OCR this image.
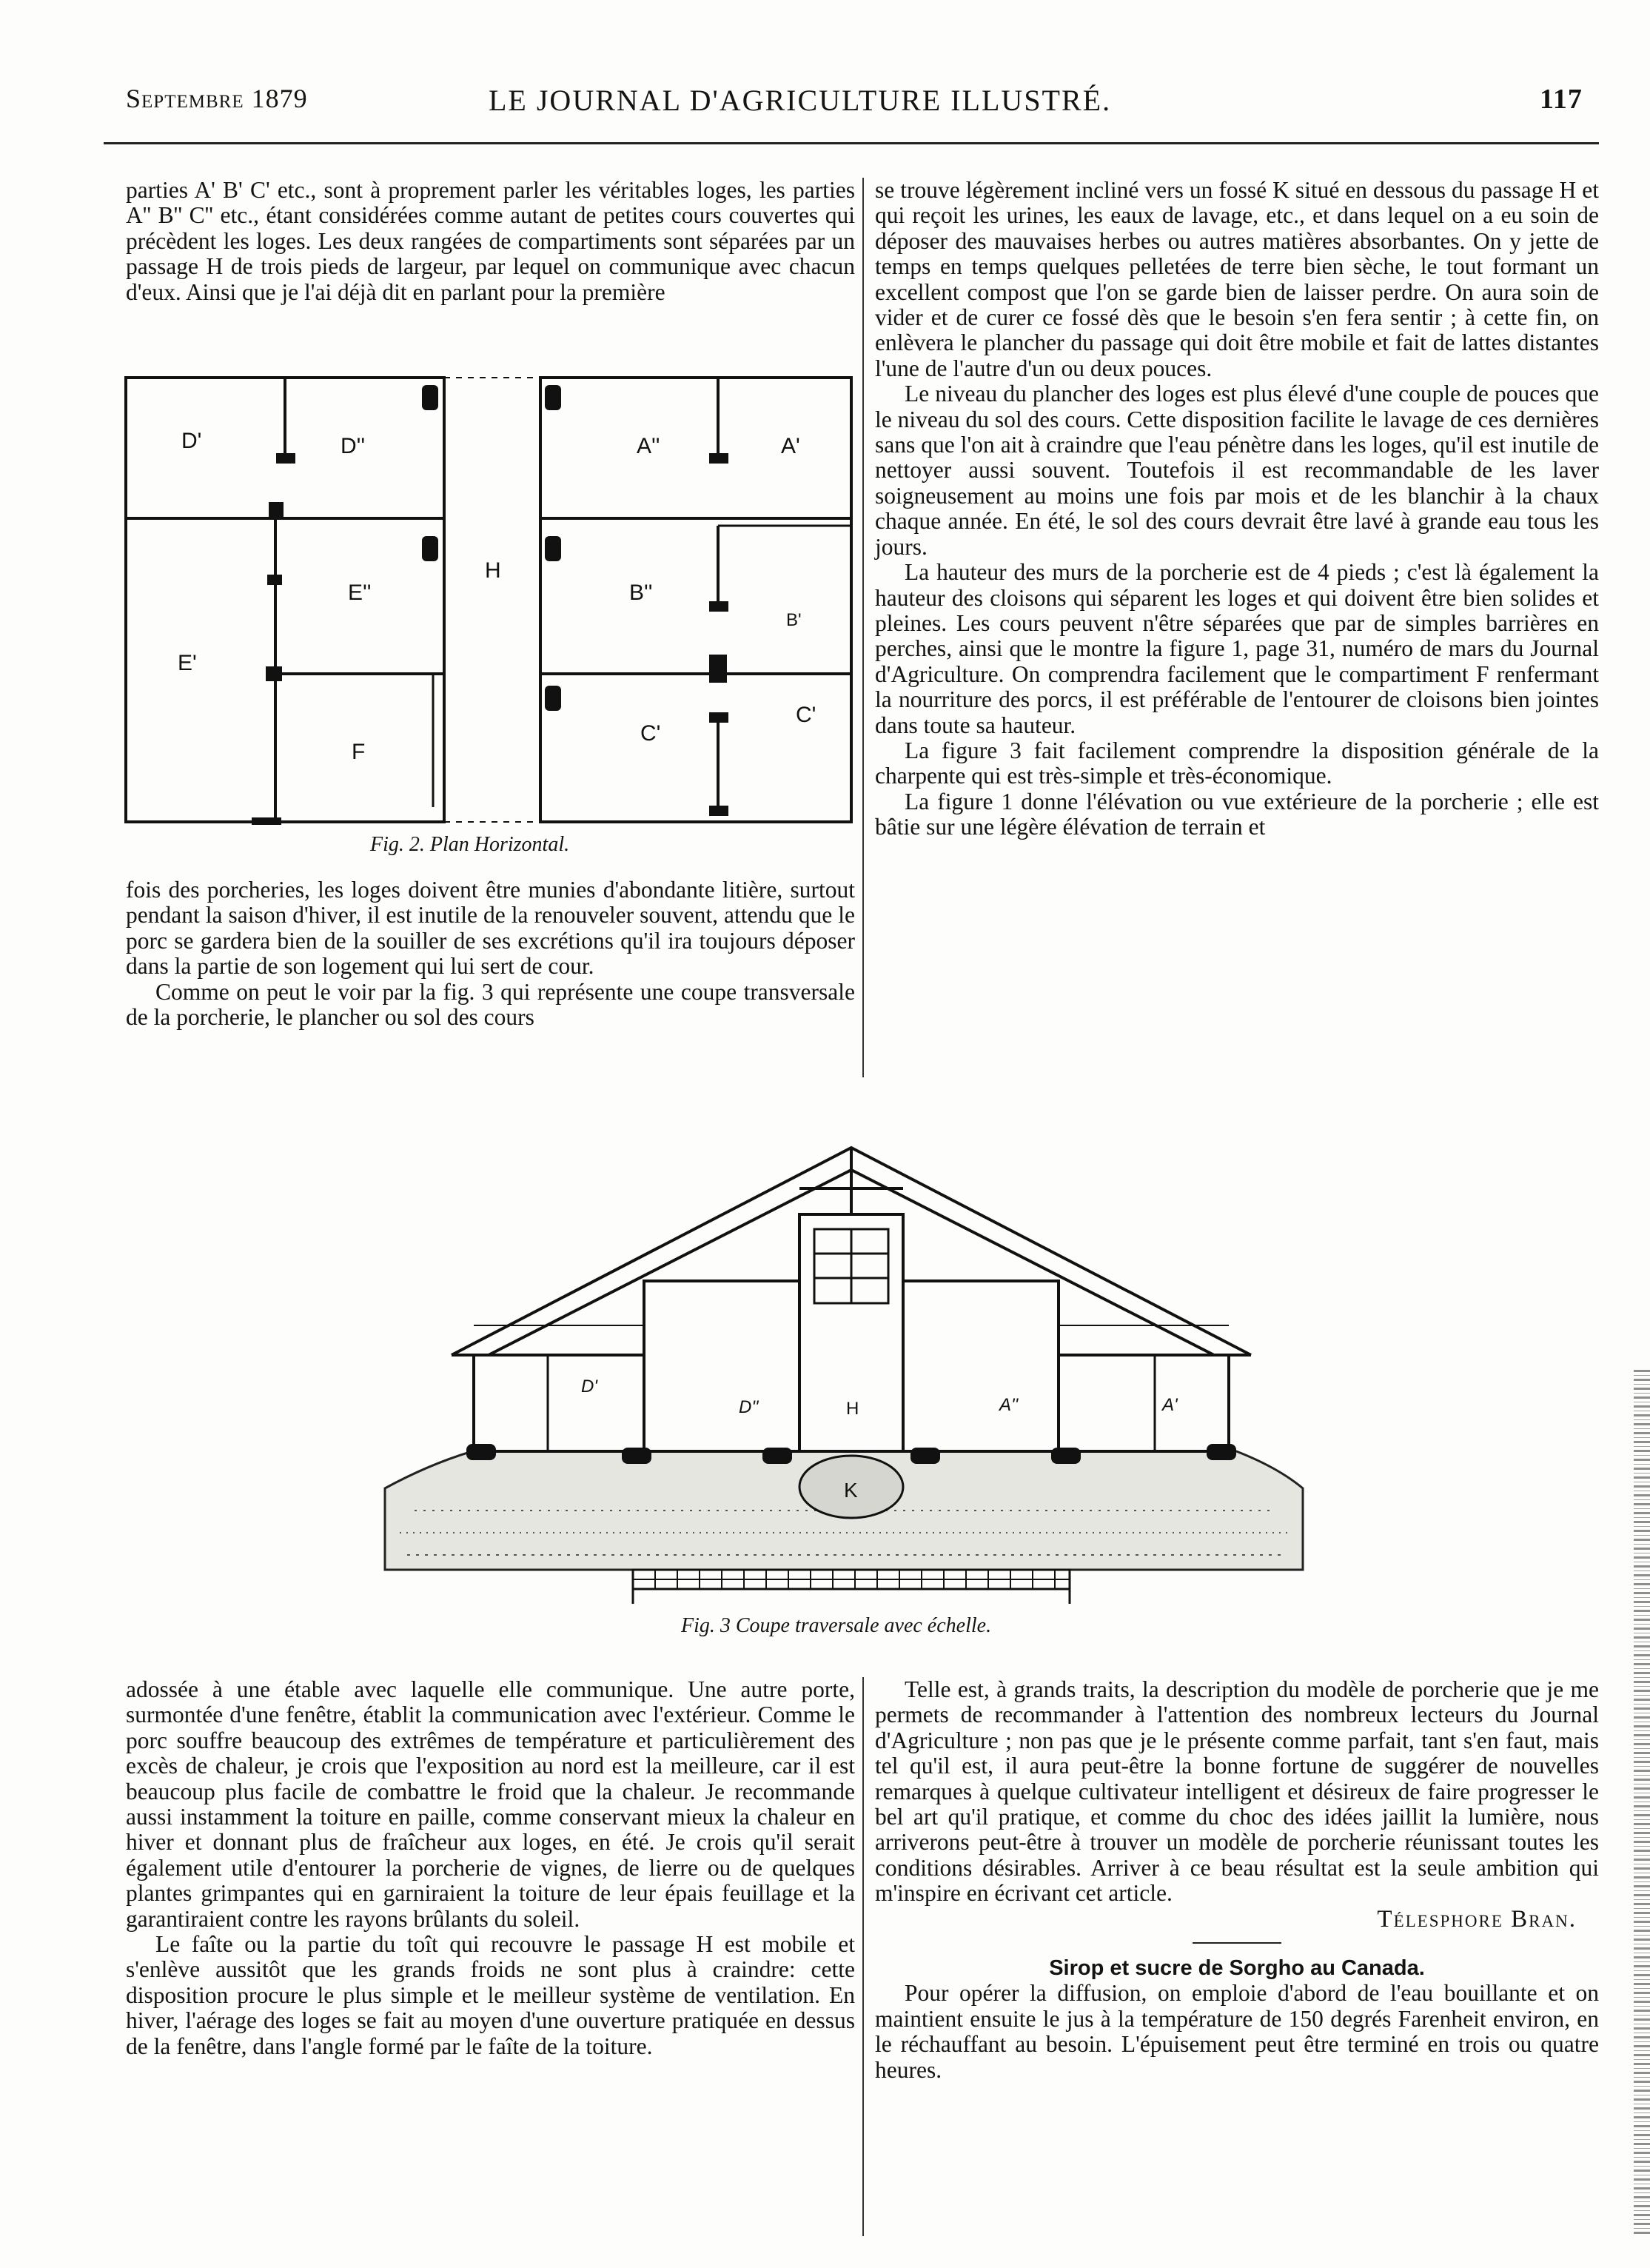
Septembre 1879	LE JOURNAL D'AGRICULTURE ILLUSTRÉ.	117

parties A' B' C' etc., sont à proprement parler les véritables loges, les parties A'' B'' C'' etc., étant considérées comme autant de petites cours couvertes qui précèdent les loges. Les deux rangées de compartiments sont séparées par un passage H de trois pieds de largeur, par lequel on communique avec chacun d'eux. Ainsi que je l'ai déjà dit en parlant pour la première

D'	D''
E''
E'
F
H
A''	A'
B''
B'
C'
C'
Fig. 2. Plan Horizontal.

fois des porcheries, les loges doivent être munies d'abondante litière, surtout pendant la saison d'hiver, il est inutile de la renouveler souvent, attendu que le porc se gardera bien de la souiller de ses excrétions qu'il ira toujours déposer dans la partie de son logement qui lui sert de cour.

Comme on peut le voir par la fig. 3 qui représente une coupe transversale de la porcherie, le plancher ou sol des cours

se trouve légèrement incliné vers un fossé K situé en dessous du passage H et qui reçoit les urines, les eaux de lavage, etc., et dans lequel on a eu soin de déposer des mauvaises herbes ou autres matières absorbantes. On y jette de temps en temps quelques pelletées de terre bien sèche, le tout formant un excellent compost que l'on se garde bien de laisser perdre. On aura soin de vider et de curer ce fossé dès que le besoin s'en fera sentir ; à cette fin, on enlèvera le plancher du passage qui doit être mobile et fait de lattes distantes l'une de l'autre d'un ou deux pouces.

Le niveau du plancher des loges est plus élevé d'une couple de pouces que le niveau du sol des cours. Cette disposition facilite le lavage de ces dernières sans que l'on ait à craindre que l'eau pénètre dans les loges, qu'il est inutile de nettoyer aussi souvent. Toutefois il est recommandable de les laver soigneusement au moins une fois par mois et de les blanchir à la chaux chaque année. En été, le sol des cours devrait être lavé à grande eau tous les jours.

La hauteur des murs de la porcherie est de 4 pieds ; c'est là également la hauteur des cloisons qui séparent les loges et qui doivent être bien solides et pleines. Les cours peuvent n'être séparées que par de simples barrières en perches, ainsi que le montre la figure 1, page 31, numéro de mars du Journal d'Agriculture. On comprendra facilement que le compartiment F renfermant la nourriture des porcs, il est préférable de l'entourer de cloisons bien jointes dans toute sa hauteur.

La figure 3 fait facilement comprendre la disposition générale de la charpente qui est très-simple et très-économique.

La figure 1 donne l'élévation ou vue extérieure de la porcherie ; elle est bâtie sur une légère élévation de terrain et

D'
D''	H	A''	A'
K
Fig. 3 Coupe traversale avec échelle.

adossée à une étable avec laquelle elle communique. Une autre porte, surmontée d'une fenêtre, établit la communication avec l'extérieur. Comme le porc souffre beaucoup des extrêmes de température et particulièrement des excès de chaleur, je crois que l'exposition au nord est la meilleure, car il est beaucoup plus facile de combattre le froid que la chaleur. Je recommande aussi instamment la toiture en paille, comme conservant mieux la chaleur en hiver et donnant plus de fraîcheur aux loges, en été. Je crois qu'il serait également utile d'entourer la porcherie de vignes, de lierre ou de quelques plantes grimpantes qui en garniraient la toiture de leur épais feuillage et la garantiraient contre les rayons brûlants du soleil.

Le faîte ou la partie du toît qui recouvre le passage H est mobile et s'enlève aussitôt que les grands froids ne sont plus à craindre: cette disposition procure le plus simple et le meilleur système de ventilation. En hiver, l'aérage des loges se fait au moyen d'une ouverture pratiquée en dessus de la fenêtre, dans l'angle formé par le faîte de la toiture.

Telle est, à grands traits, la description du modèle de porcherie que je me permets de recommander à l'attention des nombreux lecteurs du Journal d'Agriculture ; non pas que je le présente comme parfait, tant s'en faut, mais tel qu'il est, il aura peut-être la bonne fortune de suggérer de nouvelles remarques à quelque cultivateur intelligent et désireux de faire progresser le bel art qu'il pratique, et comme du choc des idées jaillit la lumière, nous arriverons peut-être à trouver un modèle de porcherie réunissant toutes les conditions désirables. Arriver à ce beau résultat est la seule ambition qui m'inspire en écrivant cet article.

Télesphore Bran.
Sirop et sucre de Sorgho au Canada.

Pour opérer la diffusion, on emploie d'abord de l'eau bouillante et on maintient ensuite le jus à la température de 150 degrés Farenheit environ, en le réchauffant au besoin. L'épuisement peut être terminé en trois ou quatre heures.
